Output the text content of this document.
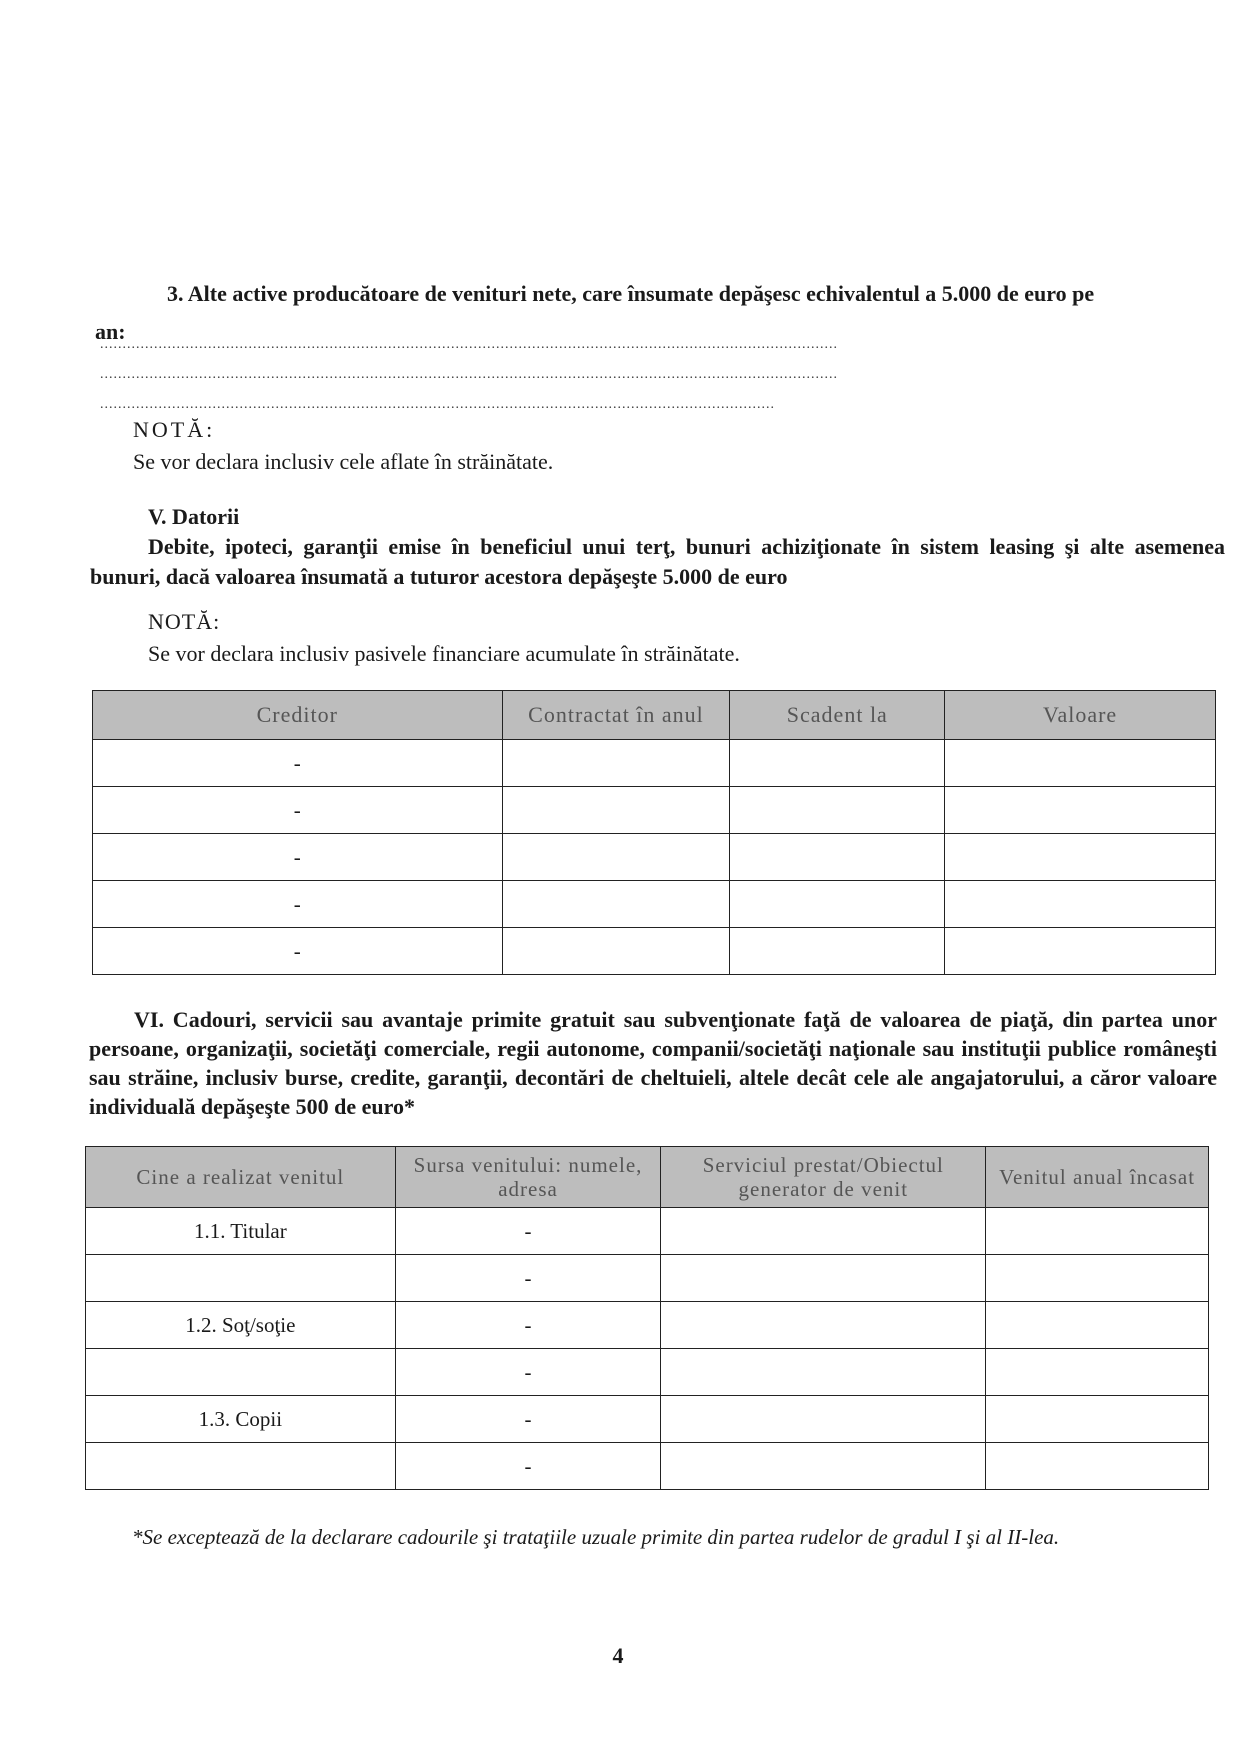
3. Alte active producătoare de venituri nete, care însumate depăşesc echivalentul a 5.000 de euro pe
an:
....................................................................................................................................................................
....................................................................................................................................................................
......................................................................................................................................................
NOTĂ:
Se vor declara inclusiv cele aflate în străinătate.
V. Datorii
Debite, ipoteci, garanţii emise în beneficiul unui terţ, bunuri achiziţionate în sistem leasing şi alte asemenea bunuri, dacă valoarea însumată a tuturor acestora depăşeşte 5.000 de euro
NOTĂ:
Se vor declara inclusiv pasivele financiare acumulate în străinătate.
Creditor	Contractat în anul	Scadent la	Valoare
-			
-			
-			
-			
-			
VI. Cadouri, servicii sau avantaje primite gratuit sau subvenţionate faţă de valoarea de piaţă, din partea unor persoane, organizaţii, societăţi comerciale, regii autonome, companii/societăţi naţionale sau instituţii publice româneşti sau străine, inclusiv burse, credite, garanţii, decontări de cheltuieli, altele decât cele ale angajatorului, a căror valoare individuală depăşeşte 500 de euro*
Cine a realizat venitul	Sursa venitului: numele, adresa	Serviciul prestat/Obiectul generator de venit	Venitul anual încasat
1.1. Titular	-		
	-		
1.2. Soţ/soţie	-		
	-		
1.3. Copii	-		
	-		
*Se exceptează de la declarare cadourile şi trataţiile uzuale primite din partea rudelor de gradul I şi al II-lea.
4
